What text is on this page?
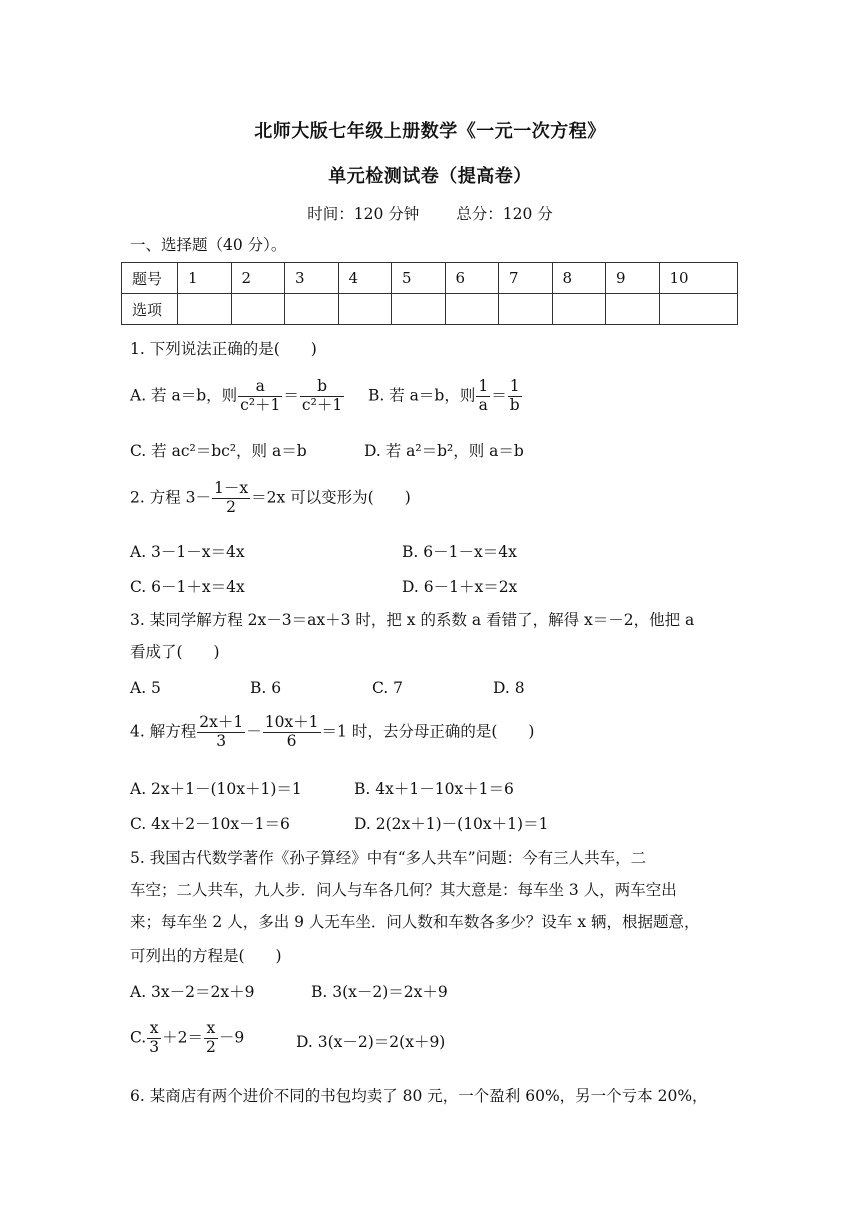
北师大版七年级上册数学《一元一次方程》
单元检测试卷（提高卷）
时间：120 分钟 总分：120 分
一、选择题（40 分）。
题号	1	2	3	4	5	6	7	8	9	10
选项										
1. 下列说法正确的是(　　)
A. 若 a＝b，则 $\frac{a}{\text{c²＋1}} = \frac{b}{\text{c²＋1}} B$. 若 a＝b，则 $\frac{1}{a} = \frac{1}{b}$
C. 若 ac²＝bc²，则 a＝b	D. 若 a²＝b²，则 a＝b
2. 方程 $3- \frac{1-x}{2} =2x$ 可以变形为(　　)
A. 3－1－x＝4x	B. 6－1－x＝4x
C. 6－1＋x＝4x	D. 6－1＋x＝2x
3. 某同学解方程 2x－3＝ax＋3 时，把 x 的系数 a 看错了，解得 x＝－2，他把 a
看成了(　　)
A. 5	B. 6	C. 7	D. 8
4. 解方程 $\frac{2x+1}{3} - \frac{10x+1}{6} =1$ 时，去分母正确的是(　　)
A. 2x＋1－(10x＋1)＝1	B. 4x＋1－10x＋1＝6
C. 4x＋2－10x－1＝6	D. 2(2x＋1)－(10x＋1)＝1
5. 我国古代数学著作《孙子算经》中有“多人共车”问题：今有三人共车，二
车空；二人共车，九人步．问人与车各几何？其大意是：每车坐 3 人，两车空出
来；每车坐 2 人，多出 9 人无车坐．问人数和车数各多少？设车 x 辆，根据题意，
可列出的方程是(　　)
A. 3x－2＝2x＋9	B. 3(x－2)＝2x＋9
C. $\frac{x}{3} +2= \frac{x}{2} -9$	D. 3(x－2)＝2(x＋9)
6. 某商店有两个进价不同的书包均卖了 80 元，一个盈利 60%，另一个亏本 20%，
